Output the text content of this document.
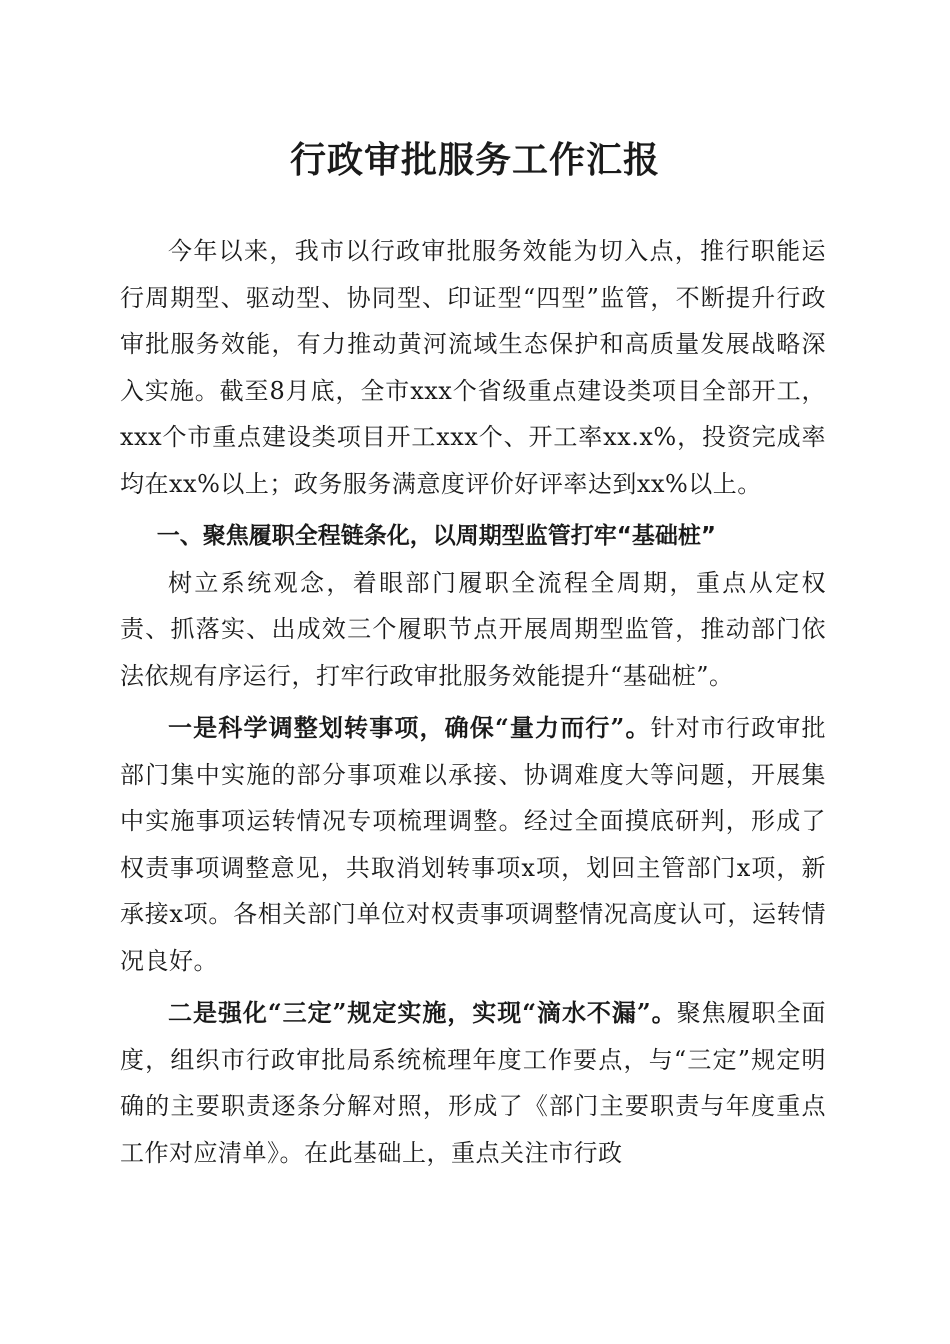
行政审批服务工作汇报

今年以来，我市以行政审批服务效能为切入点，推行职能运行周期型、驱动型、协同型、印证型“四型”监管，不断提升行政审批服务效能，有力推动黄河流域生态保护和高质量发展战略深入实施。截至8月底，全市xxx个省级重点建设类项目全部开工，xxx个市重点建设类项目开工xxx个、开工率xx.x%，投资完成率均在xx%以上；政务服务满意度评价好评率达到xx%以上。

一、聚焦履职全程链条化，以周期型监管打牢“基础桩”

树立系统观念，着眼部门履职全流程全周期，重点从定权责、抓落实、出成效三个履职节点开展周期型监管，推动部门依法依规有序运行，打牢行政审批服务效能提升“基础桩”。

一是科学调整划转事项，确保“量力而行”。针对市行政审批部门集中实施的部分事项难以承接、协调难度大等问题，开展集中实施事项运转情况专项梳理调整。经过全面摸底研判，形成了权责事项调整意见，共取消划转事项x项，划回主管部门x项，新承接x项。各相关部门单位对权责事项调整情况高度认可，运转情况良好。

二是强化“三定”规定实施，实现“滴水不漏”。聚焦履职全面度，组织市行政审批局系统梳理年度工作要点，与“三定”规定明确的主要职责逐条分解对照，形成了《部门主要职责与年度重点工作对应清单》。在此基础上，重点关注市行政
